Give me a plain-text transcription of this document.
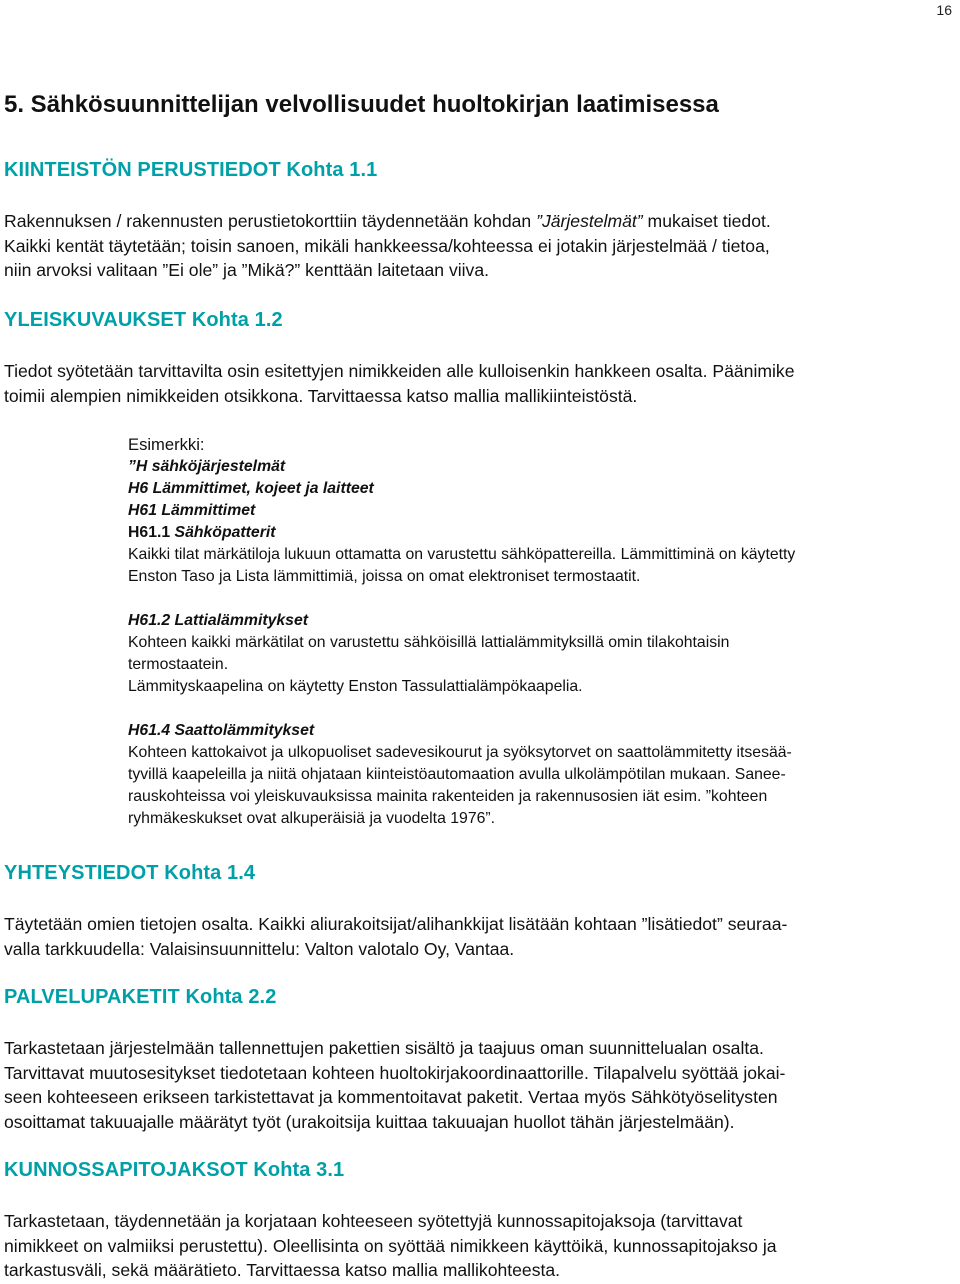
16
5. Sähkösuunnittelijan velvollisuudet huoltokirjan laatimisessa
KIINTEISTÖN PERUSTIEDOT Kohta 1.1

Rakennuksen / rakennusten perustietokorttiin täydennetään kohdan ”Järjestelmät” mukaiset tiedot.
Kaikki kentät täytetään; toisin sanoen, mikäli hankkeessa/kohteessa ei jotakin järjestelmää / tietoa,
niin arvoksi valitaan ”Ei ole” ja ”Mikä?” kenttään laitetaan viiva.

YLEISKUVAUKSET Kohta 1.2

Tiedot syötetään tarvittavilta osin esitettyjen nimikkeiden alle kulloisenkin hankkeen osalta. Päänimike
toimii alempien nimikkeiden otsikkona. Tarvittaessa katso mallia mallikiinteistöstä.

Esimerkki:
”H sähköjärjestelmät
H6 Lämmittimet, kojeet ja laitteet
H61 Lämmittimet
H61.1 Sähköpatterit
Kaikki tilat märkätiloja lukuun ottamatta on varustettu sähköpattereilla. Lämmittiminä on käytetty
Enston Taso ja Lista lämmittimiä, joissa on omat elektroniset termostaatit.
H61.2 Lattialämmitykset
Kohteen kaikki märkätilat on varustettu sähköisillä lattialämmityksillä omin tilakohtaisin
termostaatein.
Lämmityskaapelina on käytetty Enston Tassulattialämpökaapelia.
H61.4 Saattolämmitykset
Kohteen kattokaivot ja ulkopuoliset sadevesikourut ja syöksytorvet on saattolämmitetty itsesää-
tyvillä kaapeleilla ja niitä ohjataan kiinteistöautomaation avulla ulkolämpötilan mukaan. Sanee-
rauskohteissa voi yleiskuvauksissa mainita rakenteiden ja rakennusosien iät esim. ”kohteen
ryhmäkeskukset ovat alkuperäisiä ja vuodelta 1976”.
YHTEYSTIEDOT Kohta 1.4

Täytetään omien tietojen osalta. Kaikki aliurakoitsijat/alihankkijat lisätään kohtaan ”lisätiedot” seuraa-
valla tarkkuudella: Valaisinsuunnittelu: Valton valotalo Oy, Vantaa.

PALVELUPAKETIT Kohta 2.2

Tarkastetaan järjestelmään tallennettujen pakettien sisältö ja taajuus oman suunnittelualan osalta.
Tarvittavat muutosesitykset tiedotetaan kohteen huoltokirjakoordinaattorille. Tilapalvelu syöttää jokai-
seen kohteeseen erikseen tarkistettavat ja kommentoitavat paketit. Vertaa myös Sähkötyöselitysten
osoittamat takuuajalle määrätyt työt (urakoitsija kuittaa takuuajan huollot tähän järjestelmään).

KUNNOSSAPITOJAKSOT Kohta 3.1

Tarkastetaan, täydennetään ja korjataan kohteeseen syötettyjä kunnossapitojaksoja (tarvittavat
nimikkeet on valmiiksi perustettu). Oleellisinta on syöttää nimikkeen käyttöikä, kunnossapitojakso ja
tarkastusväli, sekä määrätieto. Tarvittaessa katso mallia mallikohteesta.
